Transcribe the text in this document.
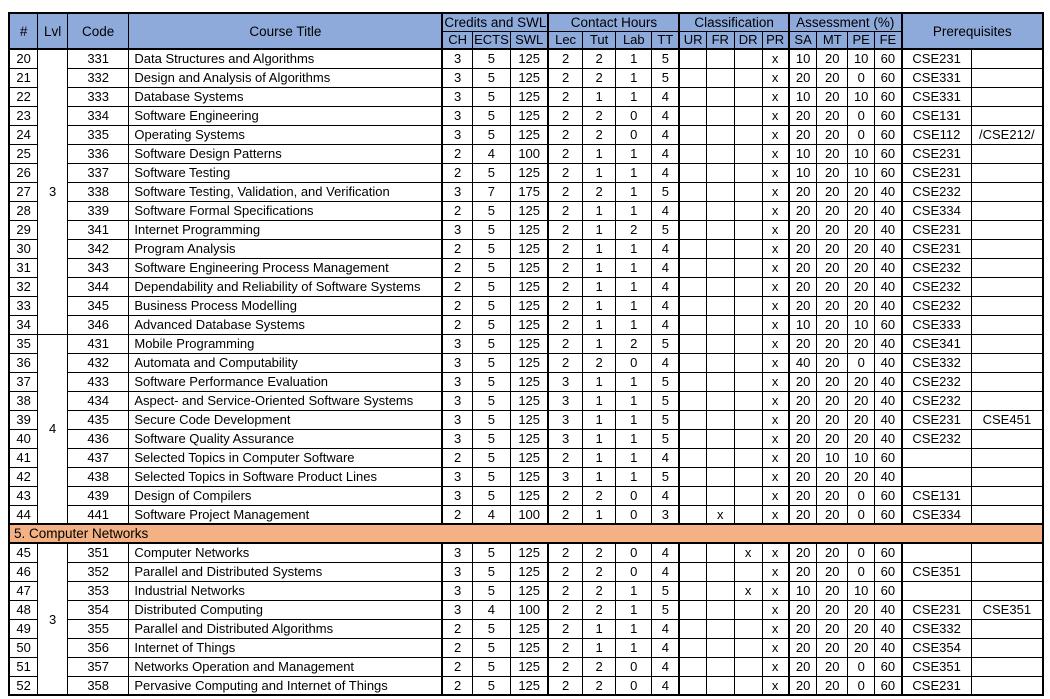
#	Lvl	Code	Course Title	Credits and SWL			Contact Hours				Classification				Assessment (%)				Prerequisites	
				CH	ECTS	SWL	Lec	Tut	Lab	TT	UR	FR	DR	PR	SA	MT	PE	FE		
20	3	331	Data Structures and Algorithms	3	5	125	2	2	1	5				x	10	20	10	60	CSE231	
21		332	Design and Analysis of Algorithms	3	5	125	2	2	1	5				x	20	20	0	60	CSE331	
22		333	Database Systems	3	5	125	2	1	1	4				x	10	20	10	60	CSE331	
23		334	Software Engineering	3	5	125	2	2	0	4				x	20	20	0	60	CSE131	
24		335	Operating Systems	3	5	125	2	2	0	4				x	20	20	0	60	CSE112	/CSE212/
25		336	Software Design Patterns	2	4	100	2	1	1	4				x	10	20	10	60	CSE231	
26		337	Software Testing	2	5	125	2	1	1	4				x	10	20	10	60	CSE231	
27		338	Software Testing, Validation, and Verification	3	7	175	2	2	1	5				x	20	20	20	40	CSE232	
28		339	Software Formal Specifications	2	5	125	2	1	1	4				x	20	20	20	40	CSE334	
29		341	Internet Programming	3	5	125	2	1	2	5				x	20	20	20	40	CSE231	
30		342	Program Analysis	2	5	125	2	1	1	4				x	20	20	20	40	CSE231	
31		343	Software Engineering Process Management	2	5	125	2	1	1	4				x	20	20	20	40	CSE232	
32		344	Dependability and Reliability of Software Systems	2	5	125	2	1	1	4				x	20	20	20	40	CSE232	
33		345	Business Process Modelling	2	5	125	2	1	1	4				x	20	20	20	40	CSE232	
34		346	Advanced Database Systems	2	5	125	2	1	1	4				x	10	20	10	60	CSE333	
35	4	431	Mobile Programming	3	5	125	2	1	2	5				x	20	20	20	40	CSE341	
36		432	Automata and Computability	3	5	125	2	2	0	4				x	40	20	0	40	CSE332	
37		433	Software Performance Evaluation	3	5	125	3	1	1	5				x	20	20	20	40	CSE232	
38		434	Aspect- and Service-Oriented Software Systems	3	5	125	3	1	1	5				x	20	20	20	40	CSE232	
39		435	Secure Code Development	3	5	125	3	1	1	5				x	20	20	20	40	CSE231	CSE451
40		436	Software Quality Assurance	3	5	125	3	1	1	5				x	20	20	20	40	CSE232	
41		437	Selected Topics in Computer Software	2	5	125	2	1	1	4				x	20	10	10	60		
42		438	Selected Topics in Software Product Lines	3	5	125	3	1	1	5				x	20	20	20	40		
43		439	Design of Compilers	3	5	125	2	2	0	4				x	20	20	0	60	CSE131	
44		441	Software Project Management	2	4	100	2	1	0	3		x		x	20	20	0	60	CSE334	
5. Computer Networks																				
45	3	351	Computer Networks	3	5	125	2	2	0	4			x	x	20	20	0	60		
46		352	Parallel and Distributed Systems	3	5	125	2	2	0	4				x	20	20	0	60	CSE351	
47		353	Industrial Networks	3	5	125	2	2	1	5			x	x	10	20	10	60		
48		354	Distributed Computing	3	4	100	2	2	1	5				x	20	20	20	40	CSE231	CSE351
49		355	Parallel and Distributed Algorithms	2	5	125	2	1	1	4				x	20	20	20	40	CSE332	
50		356	Internet of Things	2	5	125	2	1	1	4				x	20	20	20	40	CSE354	
51		357	Networks Operation and Management	2	5	125	2	2	0	4				x	20	20	0	60	CSE351	
52		358	Pervasive Computing and Internet of Things	2	5	125	2	2	0	4				x	20	20	0	60	CSE231	
